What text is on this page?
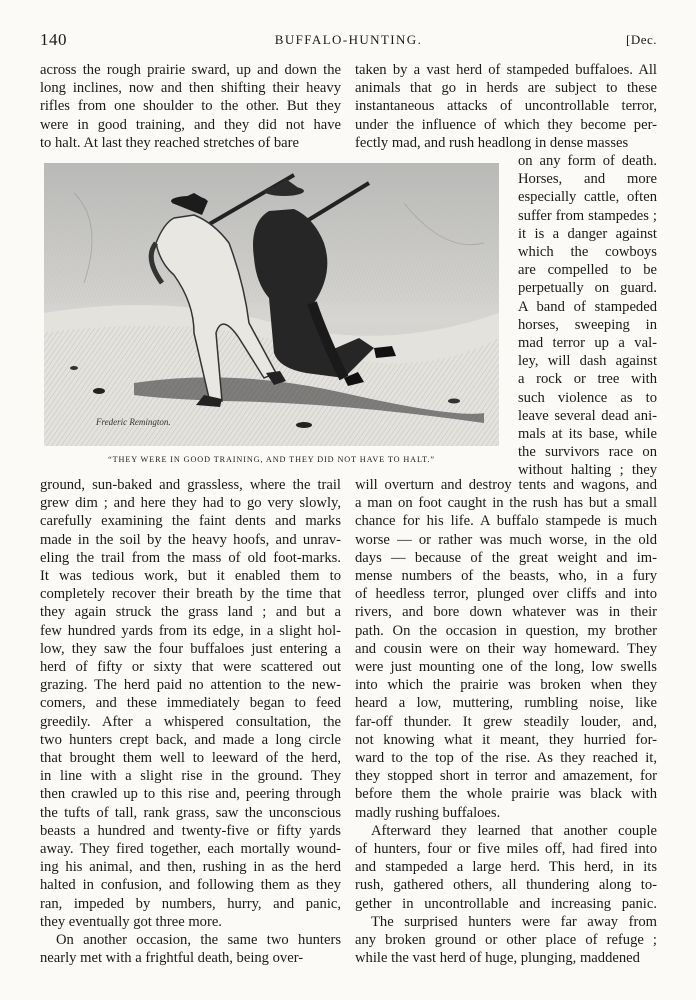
140	BUFFALO-HUNTING.	[Dec.
Frederic Remington.
“THEY WERE IN GOOD TRAINING, AND THEY DID NOT HAVE TO HALT.”
across the rough prairie sward, up and down the
long inclines, now and then shifting their heavy
rifles from one shoulder to the other. But they
were in good training, and they did not have
to halt. At last they reached stretches of bare
taken by a vast herd of stampeded buffaloes. All
animals that go in herds are subject to these
instantaneous attacks of uncontrollable terror,
under the influence of which they become per-
fectly mad, and rush headlong in dense masses
on any form of death.
Horses, and more
especially cattle, often
suffer from stampedes ;
it is a danger against
which the cowboys
are compelled to be
perpetually on guard.
A band of stampeded
horses, sweeping in
mad terror up a val-
ley, will dash against
a rock or tree with
such violence as to
leave several dead ani-
mals at its base, while
the survivors race on
without halting ; they
ground, sun-baked and grassless, where the trail
grew dim ; and here they had to go very slowly,
carefully examining the faint dents and marks
made in the soil by the heavy hoofs, and unrav-
eling the trail from the mass of old foot-marks.
It was tedious work, but it enabled them to
completely recover their breath by the time that
they again struck the grass land ; and but a
few hundred yards from its edge, in a slight hol-
low, they saw the four buffaloes just entering a
herd of fifty or sixty that were scattered out
grazing. The herd paid no attention to the new-
comers, and these immediately began to feed
greedily. After a whispered consultation, the
two hunters crept back, and made a long circle
that brought them well to leeward of the herd,
in line with a slight rise in the ground. They
then crawled up to this rise and, peering through
the tufts of tall, rank grass, saw the unconscious
beasts a hundred and twenty-five or fifty yards
away. They fired together, each mortally wound-
ing his animal, and then, rushing in as the herd
halted in confusion, and following them as they
ran, impeded by numbers, hurry, and panic,
they eventually got three more.
On another occasion, the same two hunters
nearly met with a frightful death, being over-
will overturn and destroy tents and wagons, and
a man on foot caught in the rush has but a small
chance for his life. A buffalo stampede is much
worse — or rather was much worse, in the old
days — because of the great weight and im-
mense numbers of the beasts, who, in a fury
of heedless terror, plunged over cliffs and into
rivers, and bore down whatever was in their
path. On the occasion in question, my brother
and cousin were on their way homeward. They
were just mounting one of the long, low swells
into which the prairie was broken when they
heard a low, muttering, rumbling noise, like
far-off thunder. It grew steadily louder, and,
not knowing what it meant, they hurried for-
ward to the top of the rise. As they reached it,
they stopped short in terror and amazement, for
before them the whole prairie was black with
madly rushing buffaloes.
Afterward they learned that another couple
of hunters, four or five miles off, had fired into
and stampeded a large herd. This herd, in its
rush, gathered others, all thundering along to-
gether in uncontrollable and increasing panic.
The surprised hunters were far away from
any broken ground or other place of refuge ;
while the vast herd of huge, plunging, maddened
